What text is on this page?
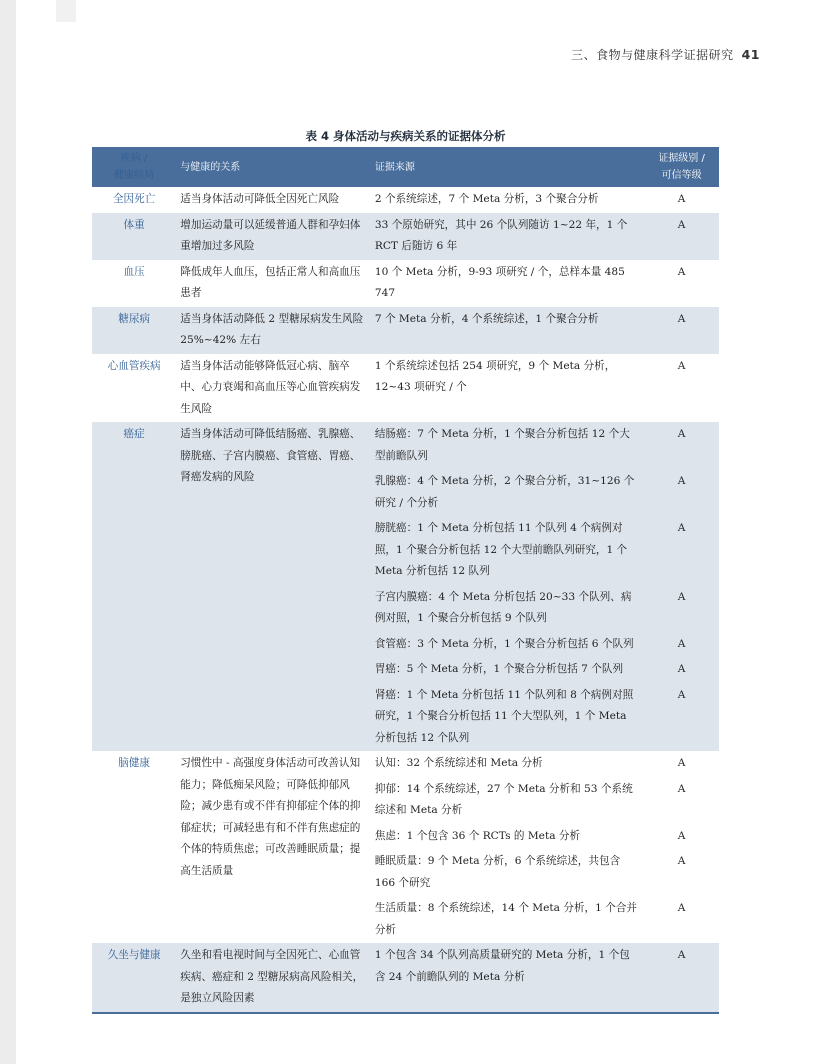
三、食物与健康科学证据研究 41
表 4 身体活动与疾病关系的证据体分析
疾病 /
健康结局	与健康的关系	证据来源	证据级别 /
可信等级

全因死亡	适当身体活动可降低全因死亡风险	2 个系统综述，7 个 Meta 分析，3 个聚合分析	A
体重	增加运动量可以延缓普通人群和孕妇体重增加过多风险	33 个原始研究，其中 26 个队列随访 1~22 年，1 个 RCT 后随访 6 年	A
血压	降低成年人血压，包括正常人和高血压患者	10 个 Meta 分析，9-93 项研究 / 个，总样本量 485 747	A
糖尿病	适当身体活动降低 2 型糖尿病发生风险 25%~42% 左右	7 个 Meta 分析，4 个系统综述，1 个聚合分析	A
心血管疾病	适当身体活动能够降低冠心病、脑卒中、心力衰竭和高血压等心血管疾病发生风险	1 个系统综述包括 254 项研究，9 个 Meta 分析，12~43 项研究 / 个	A
癌症	适当身体活动可降低结肠癌、乳腺癌、膀胱癌、子宫内膜癌、食管癌、胃癌、肾癌发病的风险	结肠癌：7 个 Meta 分析，1 个聚合分析包括 12 个大型前瞻队列	A
		乳腺癌：4 个 Meta 分析，2 个聚合分析，31~126 个研究 / 个分析	A
		膀胱癌：1 个 Meta 分析包括 11 个队列 4 个病例对照，1 个聚合分析包括 12 个大型前瞻队列研究，1 个 Meta 分析包括 12 队列	A
		子宫内膜癌：4 个 Meta 分析包括 20~33 个队列、病例对照，1 个聚合分析包括 9 个队列	A
		食管癌：3 个 Meta 分析，1 个聚合分析包括 6 个队列	A
		胃癌：5 个 Meta 分析，1 个聚合分析包括 7 个队列	A
		肾癌：1 个 Meta 分析包括 11 个队列和 8 个病例对照研究，1 个聚合分析包括 11 个大型队列，1 个 Meta 分析包括 12 个队列	A
脑健康	习惯性中 - 高强度身体活动可改善认知能力；降低痴呆风险；可降低抑郁风险；减少患有或不伴有抑郁症个体的抑郁症状；可减轻患有和不伴有焦虑症的个体的特质焦虑；可改善睡眠质量；提高生活质量	认知：32 个系统综述和 Meta 分析	A
		抑郁：14 个系统综述，27 个 Meta 分析和 53 个系统综述和 Meta 分析	A
		焦虑：1 个包含 36 个 RCTs 的 Meta 分析	A
		睡眠质量：9 个 Meta 分析，6 个系统综述，共包含 166 个研究	A
		生活质量：8 个系统综述，14 个 Meta 分析，1 个合并分析	A
久坐与健康	久坐和看电视时间与全因死亡、心血管疾病、癌症和 2 型糖尿病高风险相关，是独立风险因素	1 个包含 34 个队列高质量研究的 Meta 分析，1 个包含 24 个前瞻队列的 Meta 分析	A
